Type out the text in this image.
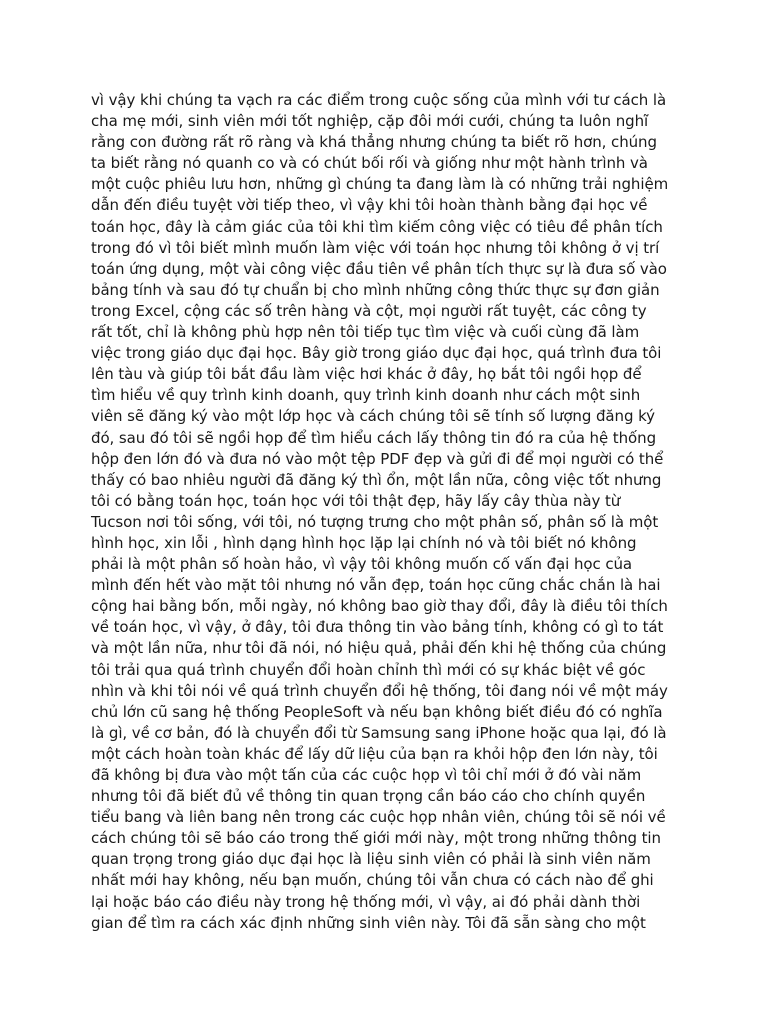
vì vậy khi chúng ta vạch ra các điểm trong cuộc sống của mình với tư cách là
cha mẹ mới, sinh viên mới tốt nghiệp, cặp đôi mới cưới, chúng ta luôn nghĩ
rằng con đường rất rõ ràng và khá thẳng nhưng chúng ta biết rõ hơn, chúng
ta biết rằng nó quanh co và có chút bối rối và giống như một hành trình và
một cuộc phiêu lưu hơn, những gì chúng ta đang làm là có những trải nghiệm
dẫn đến điều tuyệt vời tiếp theo, vì vậy khi tôi hoàn thành bằng đại học về
toán học, đây là cảm giác của tôi khi tìm kiếm công việc có tiêu đề phân tích
trong đó vì tôi biết mình muốn làm việc với toán học nhưng tôi không ở vị trí
toán ứng dụng, một vài công việc đầu tiên về phân tích thực sự là đưa số vào
bảng tính và sau đó tự chuẩn bị cho mình những công thức thực sự đơn giản
trong Excel, cộng các số trên hàng và cột, mọi người rất tuyệt, các công ty
rất tốt, chỉ là không phù hợp nên tôi tiếp tục tìm việc và cuối cùng đã làm
việc trong giáo dục đại học. Bây giờ trong giáo dục đại học, quá trình đưa tôi
lên tàu và giúp tôi bắt đầu làm việc hơi khác ở đây, họ bắt tôi ngồi họp để
tìm hiểu về quy trình kinh doanh, quy trình kinh doanh như cách một sinh
viên sẽ đăng ký vào một lớp học và cách chúng tôi sẽ tính số lượng đăng ký
đó, sau đó tôi sẽ ngồi họp để tìm hiểu cách lấy thông tin đó ra của hệ thống
hộp đen lớn đó và đưa nó vào một tệp PDF đẹp và gửi đi để mọi người có thể
thấy có bao nhiêu người đã đăng ký thì ổn, một lần nữa, công việc tốt nhưng
tôi có bằng toán học, toán học với tôi thật đẹp, hãy lấy cây thùa này từ
Tucson nơi tôi sống, với tôi, nó tượng trưng cho một phân số, phân số là một
hình học, xin lỗi , hình dạng hình học lặp lại chính nó và tôi biết nó không
phải là một phân số hoàn hảo, vì vậy tôi không muốn cố vấn đại học của
mình đến hết vào mặt tôi nhưng nó vẫn đẹp, toán học cũng chắc chắn là hai
cộng hai bằng bốn, mỗi ngày, nó không bao giờ thay đổi, đây là điều tôi thích
về toán học, vì vậy, ở đây, tôi đưa thông tin vào bảng tính, không có gì to tát
và một lần nữa, như tôi đã nói, nó hiệu quả, phải đến khi hệ thống của chúng
tôi trải qua quá trình chuyển đổi hoàn chỉnh thì mới có sự khác biệt về góc
nhìn và khi tôi nói về quá trình chuyển đổi hệ thống, tôi đang nói về một máy
chủ lớn cũ sang hệ thống PeopleSoft và nếu bạn không biết điều đó có nghĩa
là gì, về cơ bản, đó là chuyển đổi từ Samsung sang iPhone hoặc qua lại, đó là
một cách hoàn toàn khác để lấy dữ liệu của bạn ra khỏi hộp đen lớn này, tôi
đã không bị đưa vào một tấn của các cuộc họp vì tôi chỉ mới ở đó vài năm
nhưng tôi đã biết đủ về thông tin quan trọng cần báo cáo cho chính quyền
tiểu bang và liên bang nên trong các cuộc họp nhân viên, chúng tôi sẽ nói về
cách chúng tôi sẽ báo cáo trong thế giới mới này, một trong những thông tin
quan trọng trong giáo dục đại học là liệu sinh viên có phải là sinh viên năm
nhất mới hay không, nếu bạn muốn, chúng tôi vẫn chưa có cách nào để ghi
lại hoặc báo cáo điều này trong hệ thống mới, vì vậy, ai đó phải dành thời
gian để tìm ra cách xác định những sinh viên này. Tôi đã sẵn sàng cho một
